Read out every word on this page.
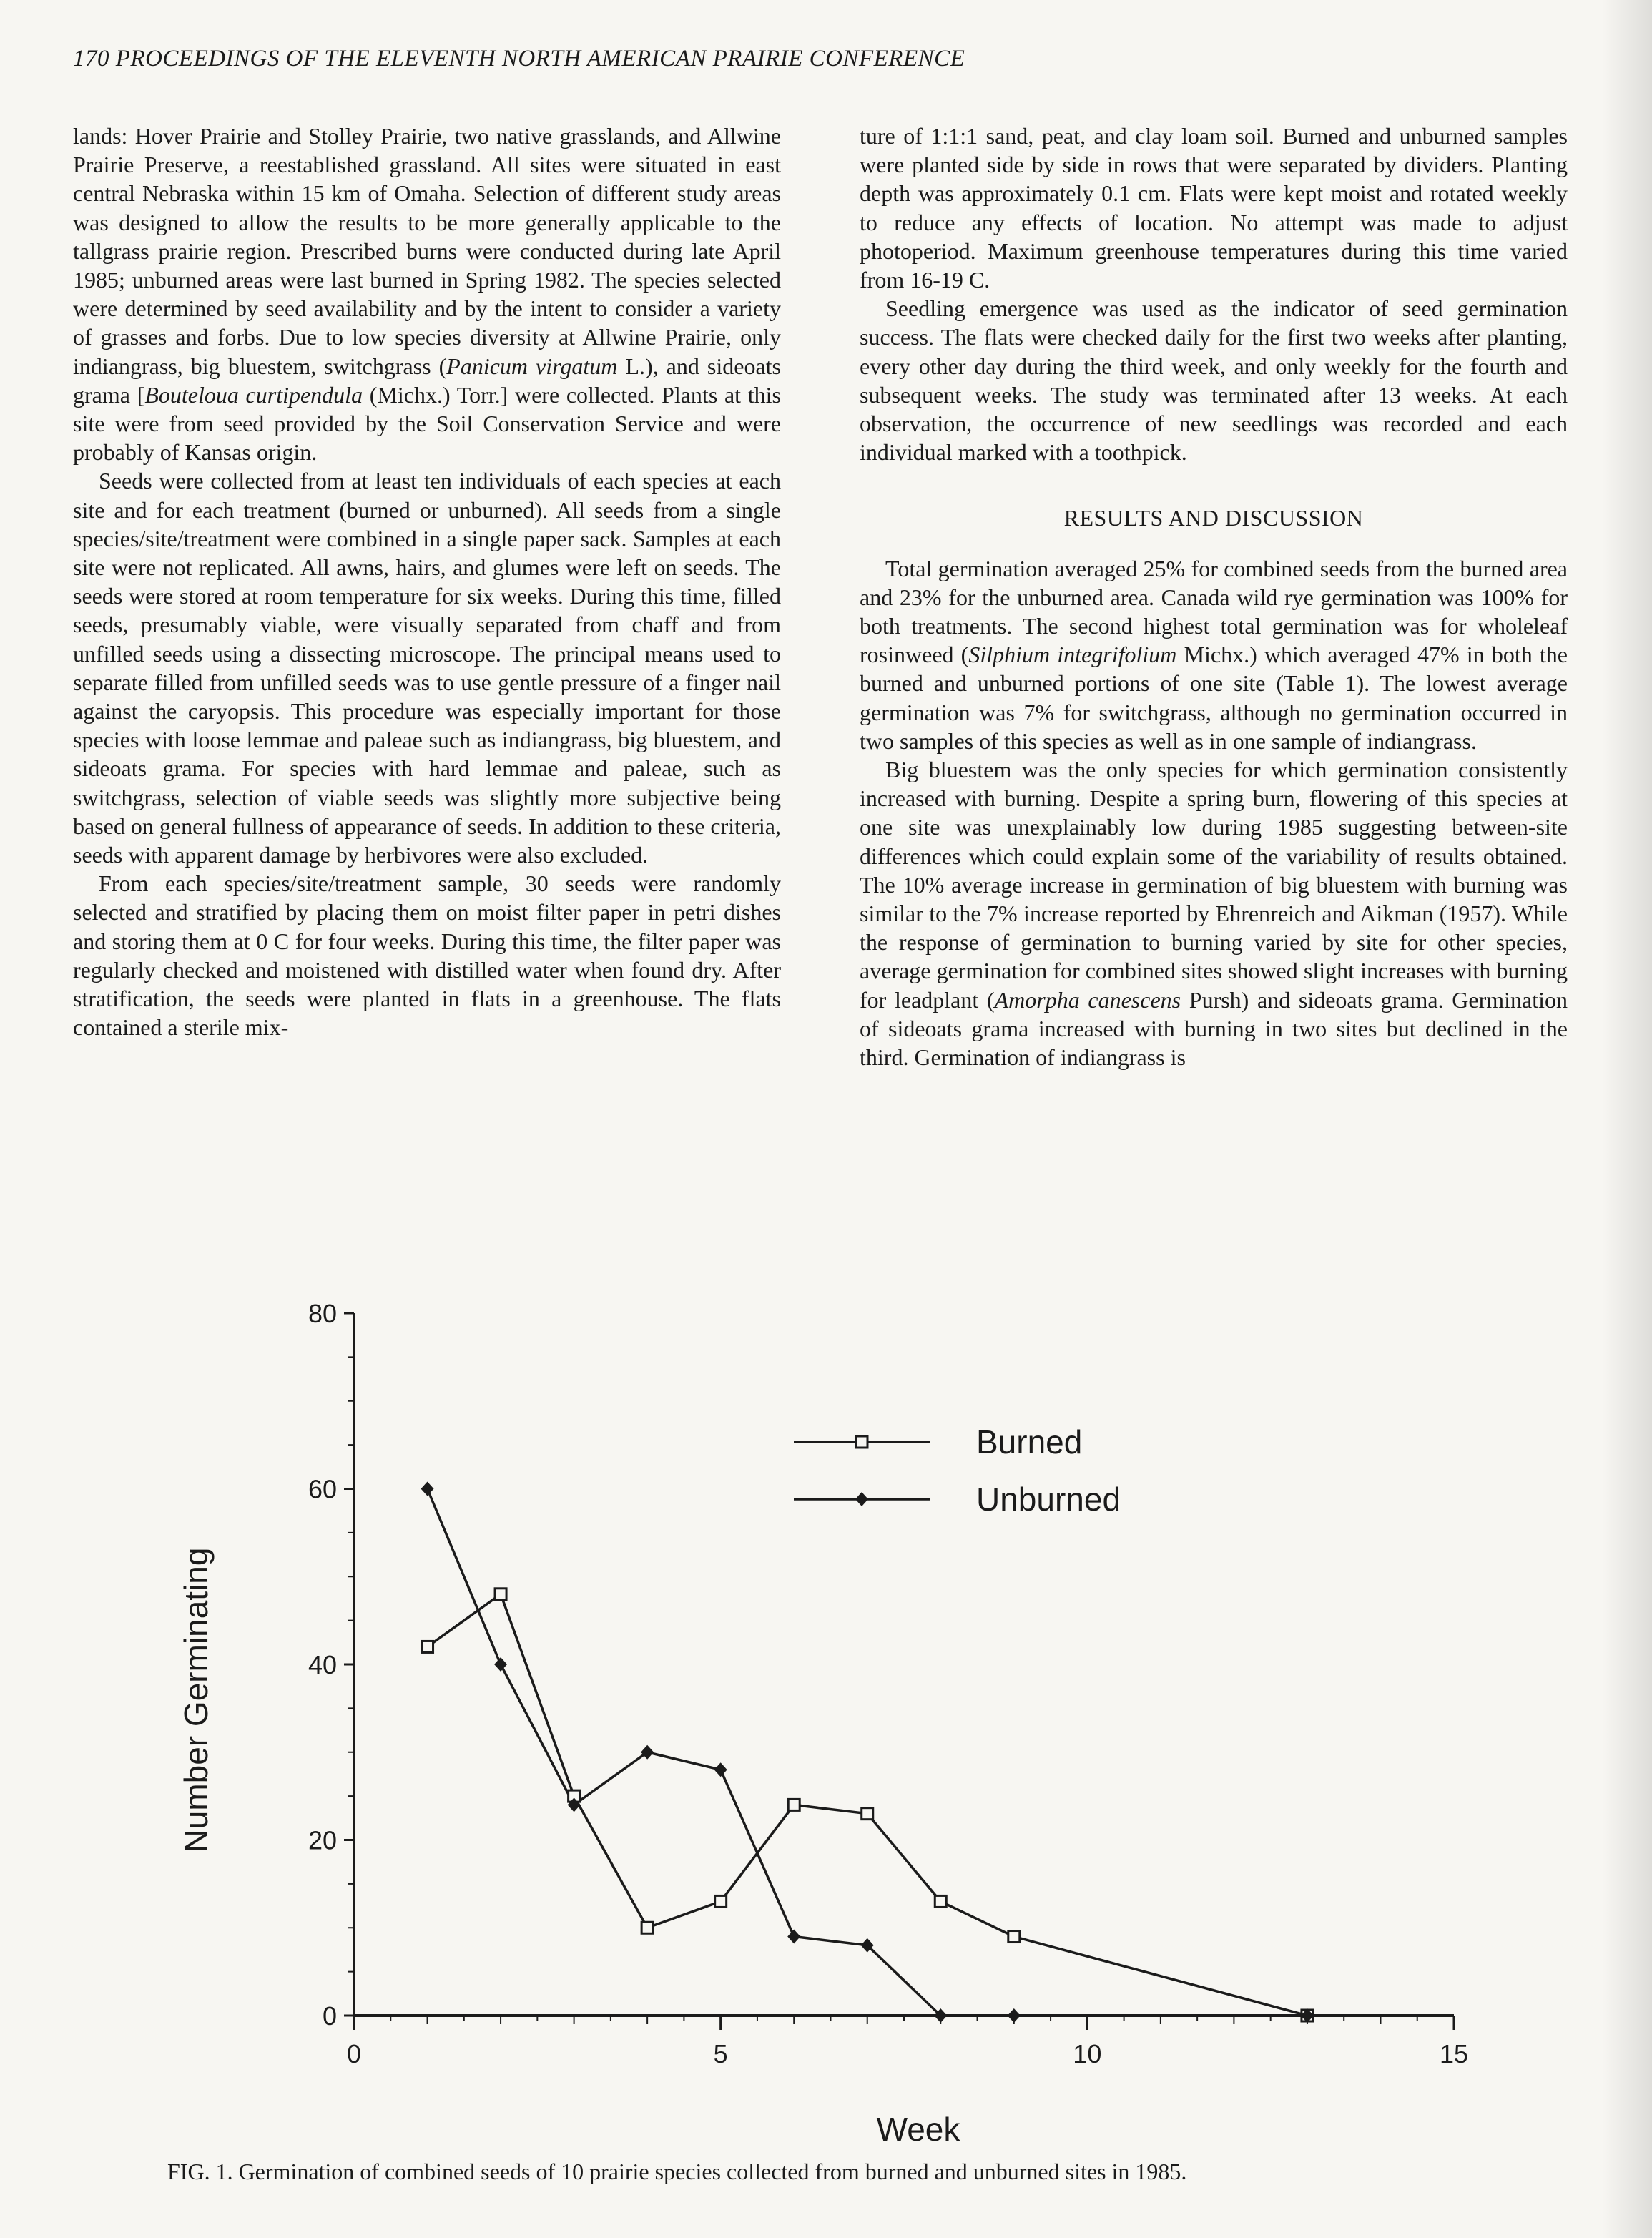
170 PROCEEDINGS OF THE ELEVENTH NORTH AMERICAN PRAIRIE CONFERENCE

lands: Hover Prairie and Stolley Prairie, two native grasslands, and Allwine Prairie Preserve, a reestablished grassland. All sites were situated in east central Nebraska within 15 km of Omaha. Selection of different study areas was designed to allow the results to be more generally applicable to the tallgrass prairie region. Prescribed burns were conducted during late April 1985; unburned areas were last burned in Spring 1982. The species selected were determined by seed availability and by the intent to consider a variety of grasses and forbs. Due to low species diversity at Allwine Prairie, only indiangrass, big bluestem, switchgrass (Panicum virgatum L.), and sideoats grama [Bouteloua curtipendula (Michx.) Torr.] were collected. Plants at this site were from seed provided by the Soil Conservation Service and were probably of Kansas origin.

Seeds were collected from at least ten individuals of each species at each site and for each treatment (burned or unburned). All seeds from a single species/site/treatment were combined in a single paper sack. Samples at each site were not replicated. All awns, hairs, and glumes were left on seeds. The seeds were stored at room temperature for six weeks. During this time, filled seeds, presumably viable, were visually separated from chaff and from unfilled seeds using a dissecting microscope. The principal means used to separate filled from unfilled seeds was to use gentle pressure of a finger nail against the caryopsis. This procedure was especially important for those species with loose lemmae and paleae such as indiangrass, big bluestem, and sideoats grama. For species with hard lemmae and paleae, such as switchgrass, selection of viable seeds was slightly more subjective being based on general fullness of appearance of seeds. In addition to these criteria, seeds with apparent damage by herbivores were also excluded.

From each species/site/treatment sample, 30 seeds were randomly selected and stratified by placing them on moist filter paper in petri dishes and storing them at 0 C for four weeks. During this time, the filter paper was regularly checked and moistened with distilled water when found dry. After stratification, the seeds were planted in flats in a greenhouse. The flats contained a sterile mix-

ture of 1:1:1 sand, peat, and clay loam soil. Burned and unburned samples were planted side by side in rows that were separated by dividers. Planting depth was approximately 0.1 cm. Flats were kept moist and rotated weekly to reduce any effects of location. No attempt was made to adjust photoperiod. Maximum greenhouse temperatures during this time varied from 16-19 C.

Seedling emergence was used as the indicator of seed germination success. The flats were checked daily for the first two weeks after planting, every other day during the third week, and only weekly for the fourth and subsequent weeks. The study was terminated after 13 weeks. At each observation, the occurrence of new seedlings was recorded and each individual marked with a toothpick.

RESULTS AND DISCUSSION

Total germination averaged 25% for combined seeds from the burned area and 23% for the unburned area. Canada wild rye germination was 100% for both treatments. The second highest total germination was for wholeleaf rosinweed (Silphium integrifolium Michx.) which averaged 47% in both the burned and unburned portions of one site (Table 1). The lowest average germination was 7% for switchgrass, although no germination occurred in two samples of this species as well as in one sample of indiangrass.

Big bluestem was the only species for which germination consistently increased with burning. Despite a spring burn, flowering of this species at one site was unexplainably low during 1985 suggesting between-site differences which could explain some of the variability of results obtained. The 10% average increase in germination of big bluestem with burning was similar to the 7% increase reported by Ehrenreich and Aikman (1957). While the response of germination to burning varied by site for other species, average germination for combined sites showed slight increases with burning for leadplant (Amorpha canescens Pursh) and sideoats grama. Germination of sideoats grama increased with burning in two sites but declined in the third. Germination of indiangrass is

0
20
40
60
80
0	5	10	15
Week
Number Germinating
Burned
Unburned
FIG. 1. Germination of combined seeds of 10 prairie species collected from burned and unburned sites in 1985.
